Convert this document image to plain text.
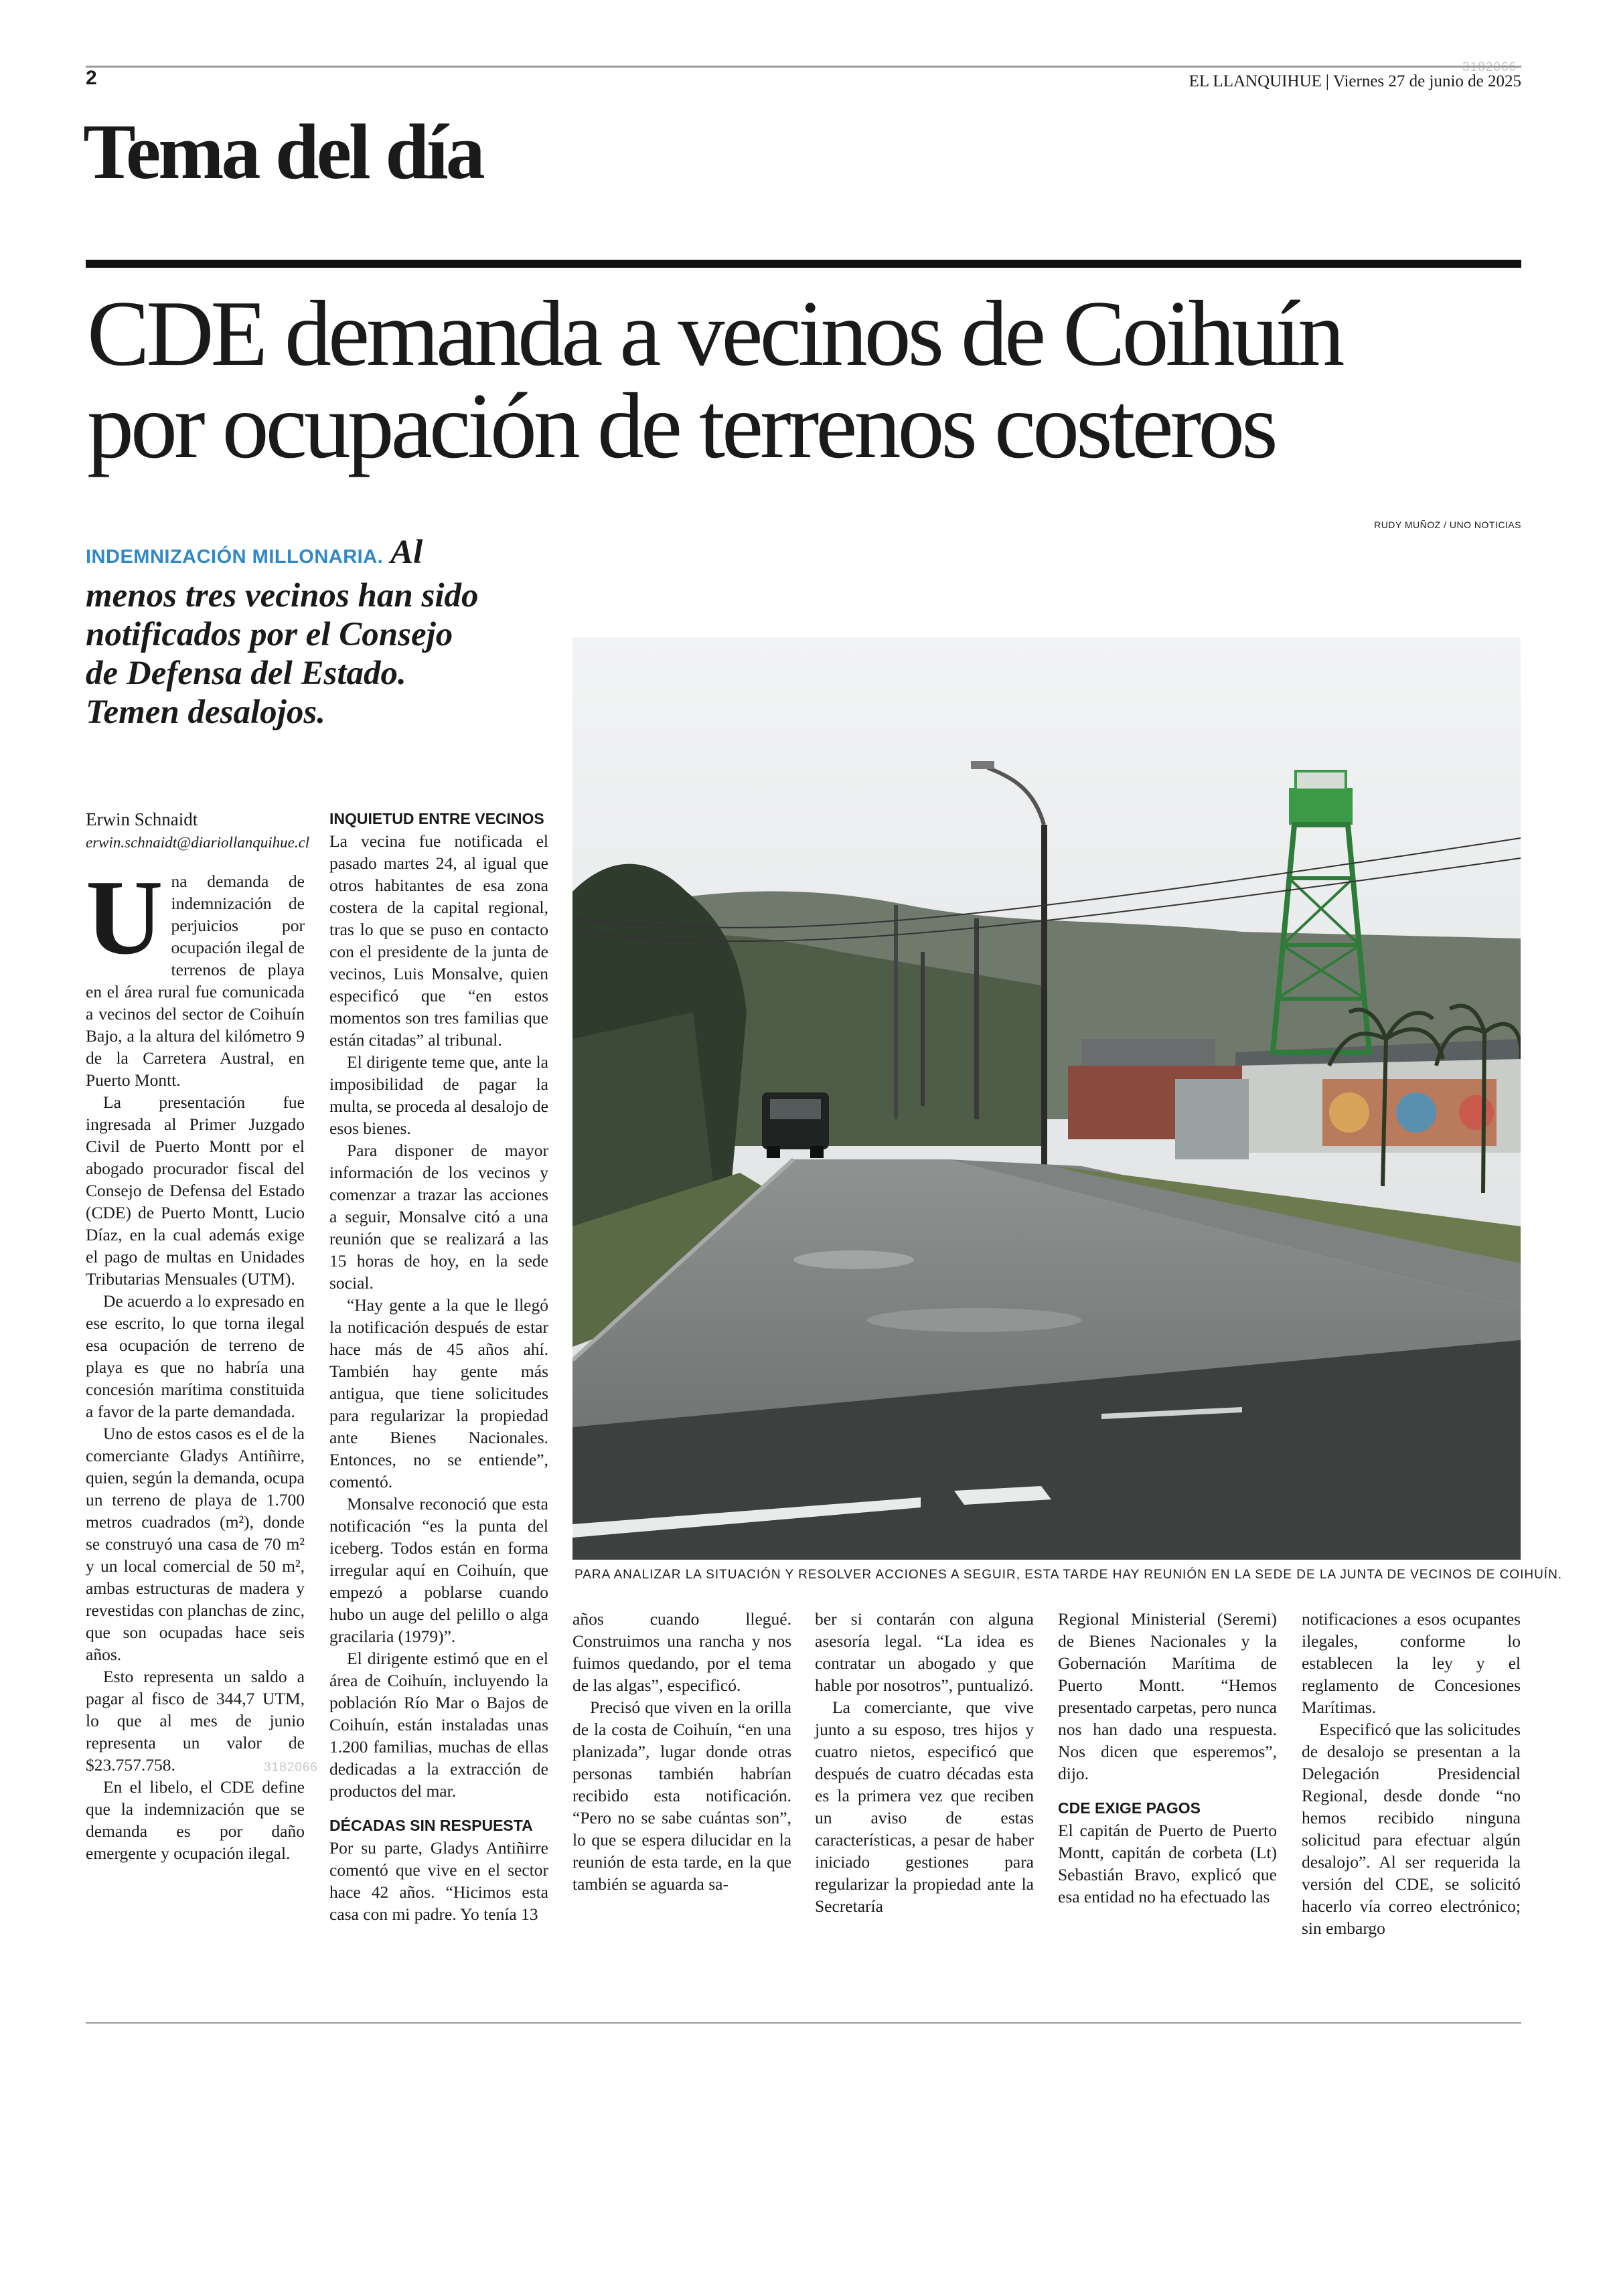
3182066
2	EL LLANQUIHUE | Viernes 27 de junio de 2025
Tema del día
CDE demanda a vecinos de Coihuín
por ocupación de terrenos costeros
RUDY MUÑOZ / UNO NOTICIAS
INDEMNIZACIÓN MILLONARIA. Al menos tres vecinos han sido notificados por el Consejo de Defensa del Estado. Temen desalojos.
PARA ANALIZAR LA SITUACIÓN Y RESOLVER ACCIONES A SEGUIR, ESTA TARDE HAY REUNIÓN EN LA SEDE DE LA JUNTA DE VECINOS DE COIHUÍN.
Erwin Schnaidt
erwin.schnaidt@diariollanquihue.cl
U na demanda de indemnización de perjuicios por ocupación ilegal de terrenos de playa en el área rural fue comunicada a vecinos del sector de Coihuín Bajo, a la altura del kilómetro 9 de la Carretera Austral, en Puerto Montt.

La presentación fue ingresada al Primer Juzgado Civil de Puerto Montt por el abogado procurador fiscal del Consejo de Defensa del Estado (CDE) de Puerto Montt, Lucio Díaz, en la cual además exige el pago de multas en Unidades Tributarias Mensuales (UTM).

De acuerdo a lo expresado en ese escrito, lo que torna ilegal esa ocupación de terreno de playa es que no habría una concesión marítima constituida a favor de la parte demandada.

Uno de estos casos es el de la comerciante Gladys Antiñirre, quien, según la demanda, ocupa un terreno de playa de 1.700 metros cuadrados (m²), donde se construyó una casa de 70 m² y un local comercial de 50 m², ambas estructuras de madera y revestidas con planchas de zinc, que son ocupadas hace seis años.

Esto representa un saldo a pagar al fisco de 344,7 UTM, lo que al mes de junio representa un valor de $23.757.758.

En el libelo, el CDE define que la indemnización que se demanda es por daño emergente y ocupación ilegal.

INQUIETUD ENTRE VECINOS

La vecina fue notificada el pasado martes 24, al igual que otros habitantes de esa zona costera de la capital regional, tras lo que se puso en contacto con el presidente de la junta de vecinos, Luis Monsalve, quien especificó que “en estos momentos son tres familias que están citadas” al tribunal.

El dirigente teme que, ante la imposibilidad de pagar la multa, se proceda al desalojo de esos bienes.

Para disponer de mayor información de los vecinos y comenzar a trazar las acciones a seguir, Monsalve citó a una reunión que se realizará a las 15 horas de hoy, en la sede social.

“Hay gente a la que le llegó la notificación después de estar hace más de 45 años ahí. También hay gente más antigua, que tiene solicitudes para regularizar la propiedad ante Bienes Nacionales. Entonces, no se entiende”, comentó.

Monsalve reconoció que esta notificación “es la punta del iceberg. Todos están en forma irregular aquí en Coihuín, que empezó a poblarse cuando hubo un auge del pelillo o alga gracilaria (1979)”.

El dirigente estimó que en el área de Coihuín, incluyendo la población Río Mar o Bajos de Coihuín, están instaladas unas 1.200 familias, muchas de ellas dedicadas a la extracción de productos del mar.

DÉCADAS SIN RESPUESTA

Por su parte, Gladys Antiñirre comentó que vive en el sector hace 42 años. “Hicimos esta casa con mi padre. Yo tenía 13

años cuando llegué. Construimos una rancha y nos fuimos quedando, por el tema de las algas”, especificó.

Precisó que viven en la orilla de la costa de Coihuín, “en una planizada”, lugar donde otras personas también habrían recibido esta notificación. “Pero no se sabe cuántas son”, lo que se espera dilucidar en la reunión de esta tarde, en la que también se aguarda sa-

ber si contarán con alguna asesoría legal. “La idea es contratar un abogado y que hable por nosotros”, puntualizó.

La comerciante, que vive junto a su esposo, tres hijos y cuatro nietos, especificó que después de cuatro décadas esta es la primera vez que reciben un aviso de estas características, a pesar de haber iniciado gestiones para regularizar la propiedad ante la Secretaría

Regional Ministerial (Seremi) de Bienes Nacionales y la Gobernación Marítima de Puerto Montt. “Hemos presentado carpetas, pero nunca nos han dado una respuesta. Nos dicen que esperemos”, dijo.

CDE EXIGE PAGOS

El capitán de Puerto de Puerto Montt, capitán de corbeta (Lt) Sebastián Bravo, explicó que esa entidad no ha efectuado las

notificaciones a esos ocupantes ilegales, conforme lo establecen la ley y el reglamento de Concesiones Marítimas.

Especificó que las solicitudes de desalojo se presentan a la Delegación Presidencial Regional, desde donde “no hemos recibido ninguna solicitud para efectuar algún desalojo”. Al ser requerida la versión del CDE, se solicitó hacerlo vía correo electrónico; sin embargo
